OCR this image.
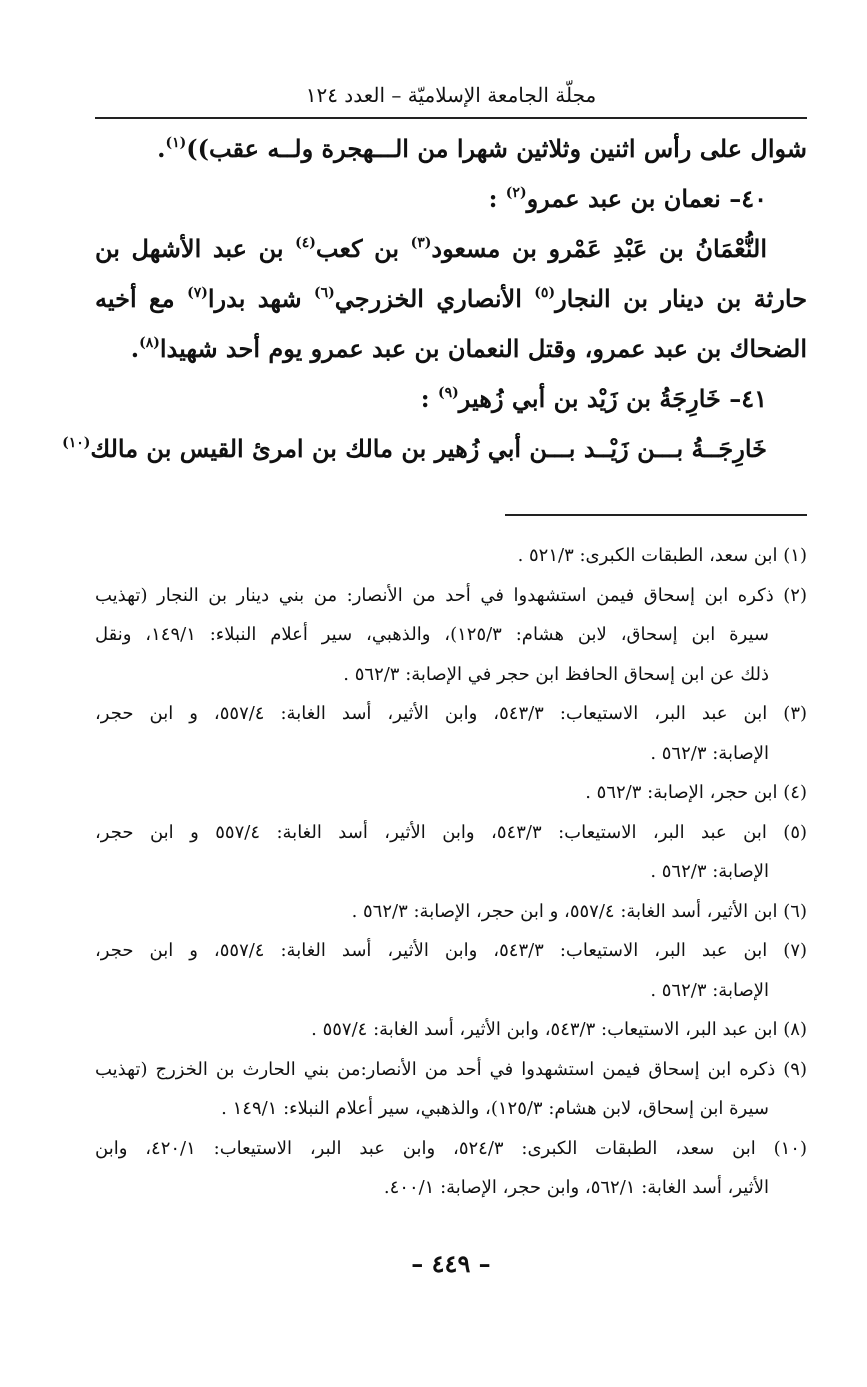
مجلّة الجامعة الإسلاميّة – العدد ١٢٤
شوال على رأس اثنين وثلاثين شهرا من الـــهجرة ولــه عقب))$^{(١)}$.
٤٠– نعمان بن عبد عمرو$^{(٢)}$ :
النُّعْمَانُ بن عَبْدِ عَمْرو بن مسعود$^{(٣)}$ بن كعب$^{(٤)}$ بن عبد الأشهل بن
حارثة بن دينار بن النجار$^{(٥)}$ الأنصاري الخزرجي$^{(٦)}$ شهد بدرا$^{(٧)}$ مع أخيه
الضحاك بن عبد عمرو، وقتل النعمان بن عبد عمرو يوم أحد شهيدا$^{(٨)}$.
٤١– خَارِجَةُ بن زَيْد بن أبي زُهير$^{(٩)}$ :
خَارِجَــةُ بـــن زَيْــد بـــن أبي زُهير بن مالك بن امرئ القيس بن مالك$^{(١٠)}$
(١) ابن سعد، الطبقات الكبرى: ٥٢١/٣ .
(٢) ذكره ابن إسحاق فيمن استشهدوا في أحد من الأنصار: من بني دينار بن النجار (تهذيب
سيرة ابن إسحاق، لابن هشام: ١٢٥/٣)، والذهبي، سير أعلام النبلاء: ١٤٩/١، ونقل
ذلك عن ابن إسحاق الحافظ ابن حجر في الإصابة: ٥٦٢/٣ .
(٣) ابن عبد البر، الاستيعاب: ٥٤٣/٣، وابن الأثير، أسد الغابة: ٥٥٧/٤، و ابن حجر،
الإصابة: ٥٦٢/٣ .
(٤) ابن حجر، الإصابة: ٥٦٢/٣ .
(٥) ابن عبد البر، الاستيعاب: ٥٤٣/٣، وابن الأثير، أسد الغابة: ٥٥٧/٤ و ابن حجر،
الإصابة: ٥٦٢/٣ .
(٦) ابن الأثير، أسد الغابة: ٥٥٧/٤، و ابن حجر، الإصابة: ٥٦٢/٣ .
(٧) ابن عبد البر، الاستيعاب: ٥٤٣/٣، وابن الأثير، أسد الغابة: ٥٥٧/٤، و ابن حجر،
الإصابة: ٥٦٢/٣ .
(٨) ابن عبد البر، الاستيعاب: ٥٤٣/٣، وابن الأثير، أسد الغابة: ٥٥٧/٤ .
(٩) ذكره ابن إسحاق فيمن استشهدوا في أحد من الأنصار:من بني الحارث بن الخزرج (تهذيب
سيرة ابن إسحاق، لابن هشام: ١٢٥/٣)، والذهبي، سير أعلام النبلاء: ١٤٩/١ .
(١٠) ابن سعد، الطبقات الكبرى: ٥٢٤/٣، وابن عبد البر، الاستيعاب: ٤٢٠/١، وابن
الأثير، أسد الغابة: ٥٦٢/١، وابن حجر، الإصابة: ٤٠٠/١.
– ٤٤٩ –
